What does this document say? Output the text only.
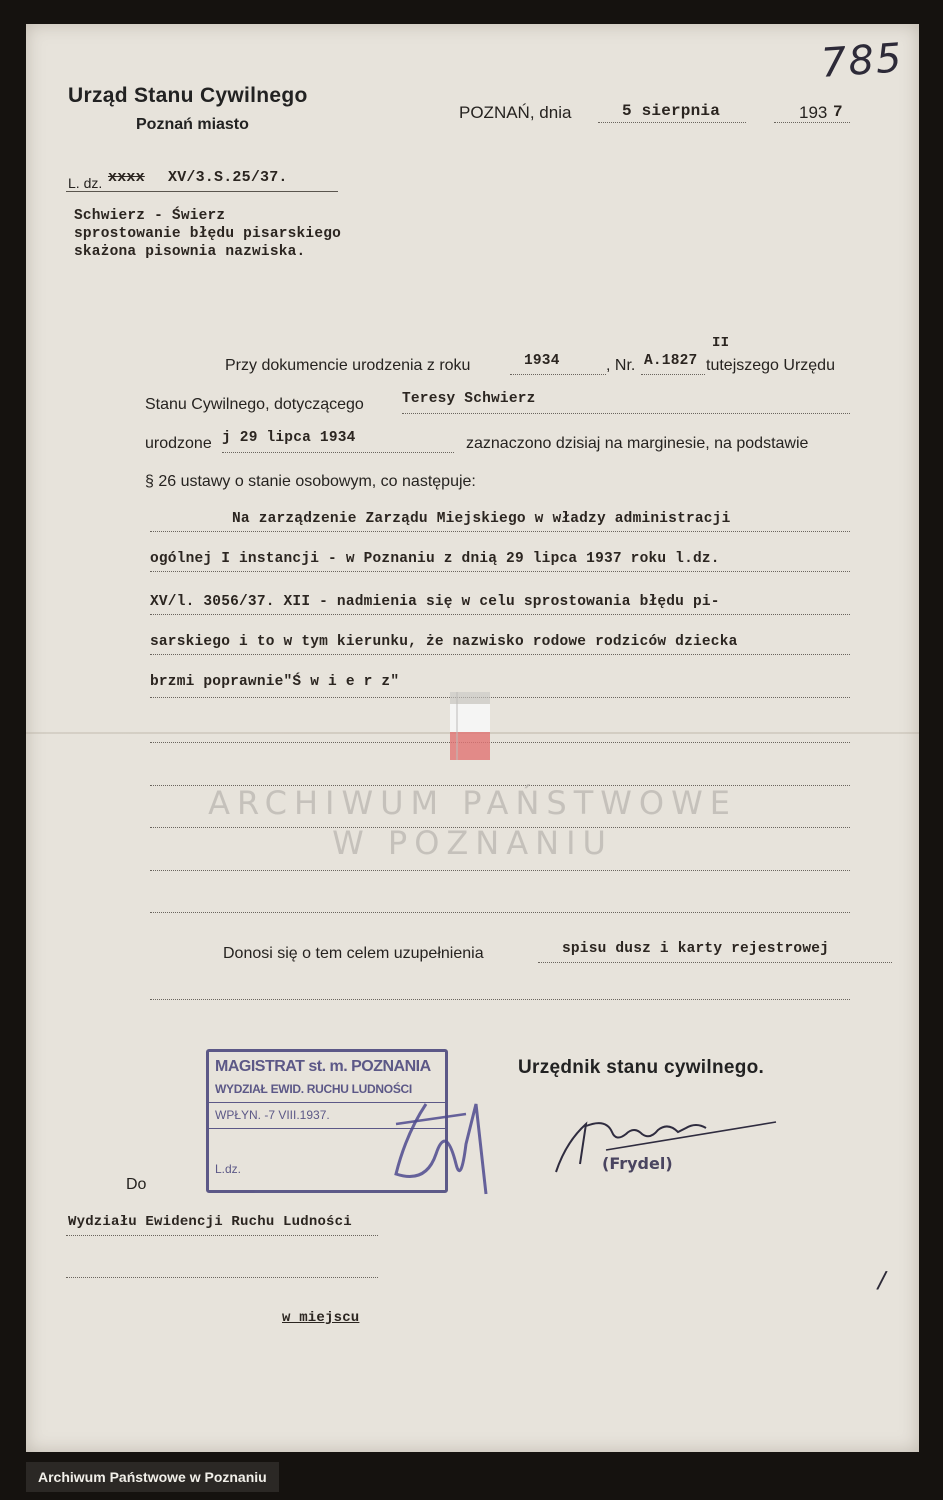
Urząd Stanu Cywilnego
Poznań miasto
POZNAŃ, dnia	5 sierpnia	193 7
785
L. dz. xxxx XV/3.S.25/37.
Schwierz - Świerz
sprostowanie błędu pisarskiego
skażona pisownia nazwiska.
Przy dokumencie urodzenia z roku	1934	, Nr. A.1827
II
tutejszego Urzędu
Stanu Cywilnego, dotyczącego	Teresy Schwierz
urodzone j 29 lipca 1934	zaznaczono dzisiaj na marginesie, na podstawie
§ 26 ustawy o stanie osobowym, co następuje:
Na zarządzenie Zarządu Miejskiego w władzy administracji
ogólnej I instancji - w Poznaniu z dnią 29 lipca 1937 roku l.dz.
XV/l. 3056/37. XII - nadmienia się w celu sprostowania błędu pi-
sarskiego i to w tym kierunku, że nazwisko rodowe rodziców dziecka
brzmi poprawnie"Ś w i e r z"
ARCHIWUM PAŃSTWOWE
W POZNANIU
Donosi się o tem celem uzupełnienia	spisu dusz i karty rejestrowej
Urzędnik stanu cywilnego.
(Frydel)
MAGISTRAT st. m. POZNANIA
WYDZIAŁ EWID. RUCHU LUDNOŚCI
WPŁYN. -7 VIII.1937.
L.dz.
Do
Wydziału Ewidencji Ruchu Ludności
w miejscu
/
Archiwum Państwowe w Poznaniu
